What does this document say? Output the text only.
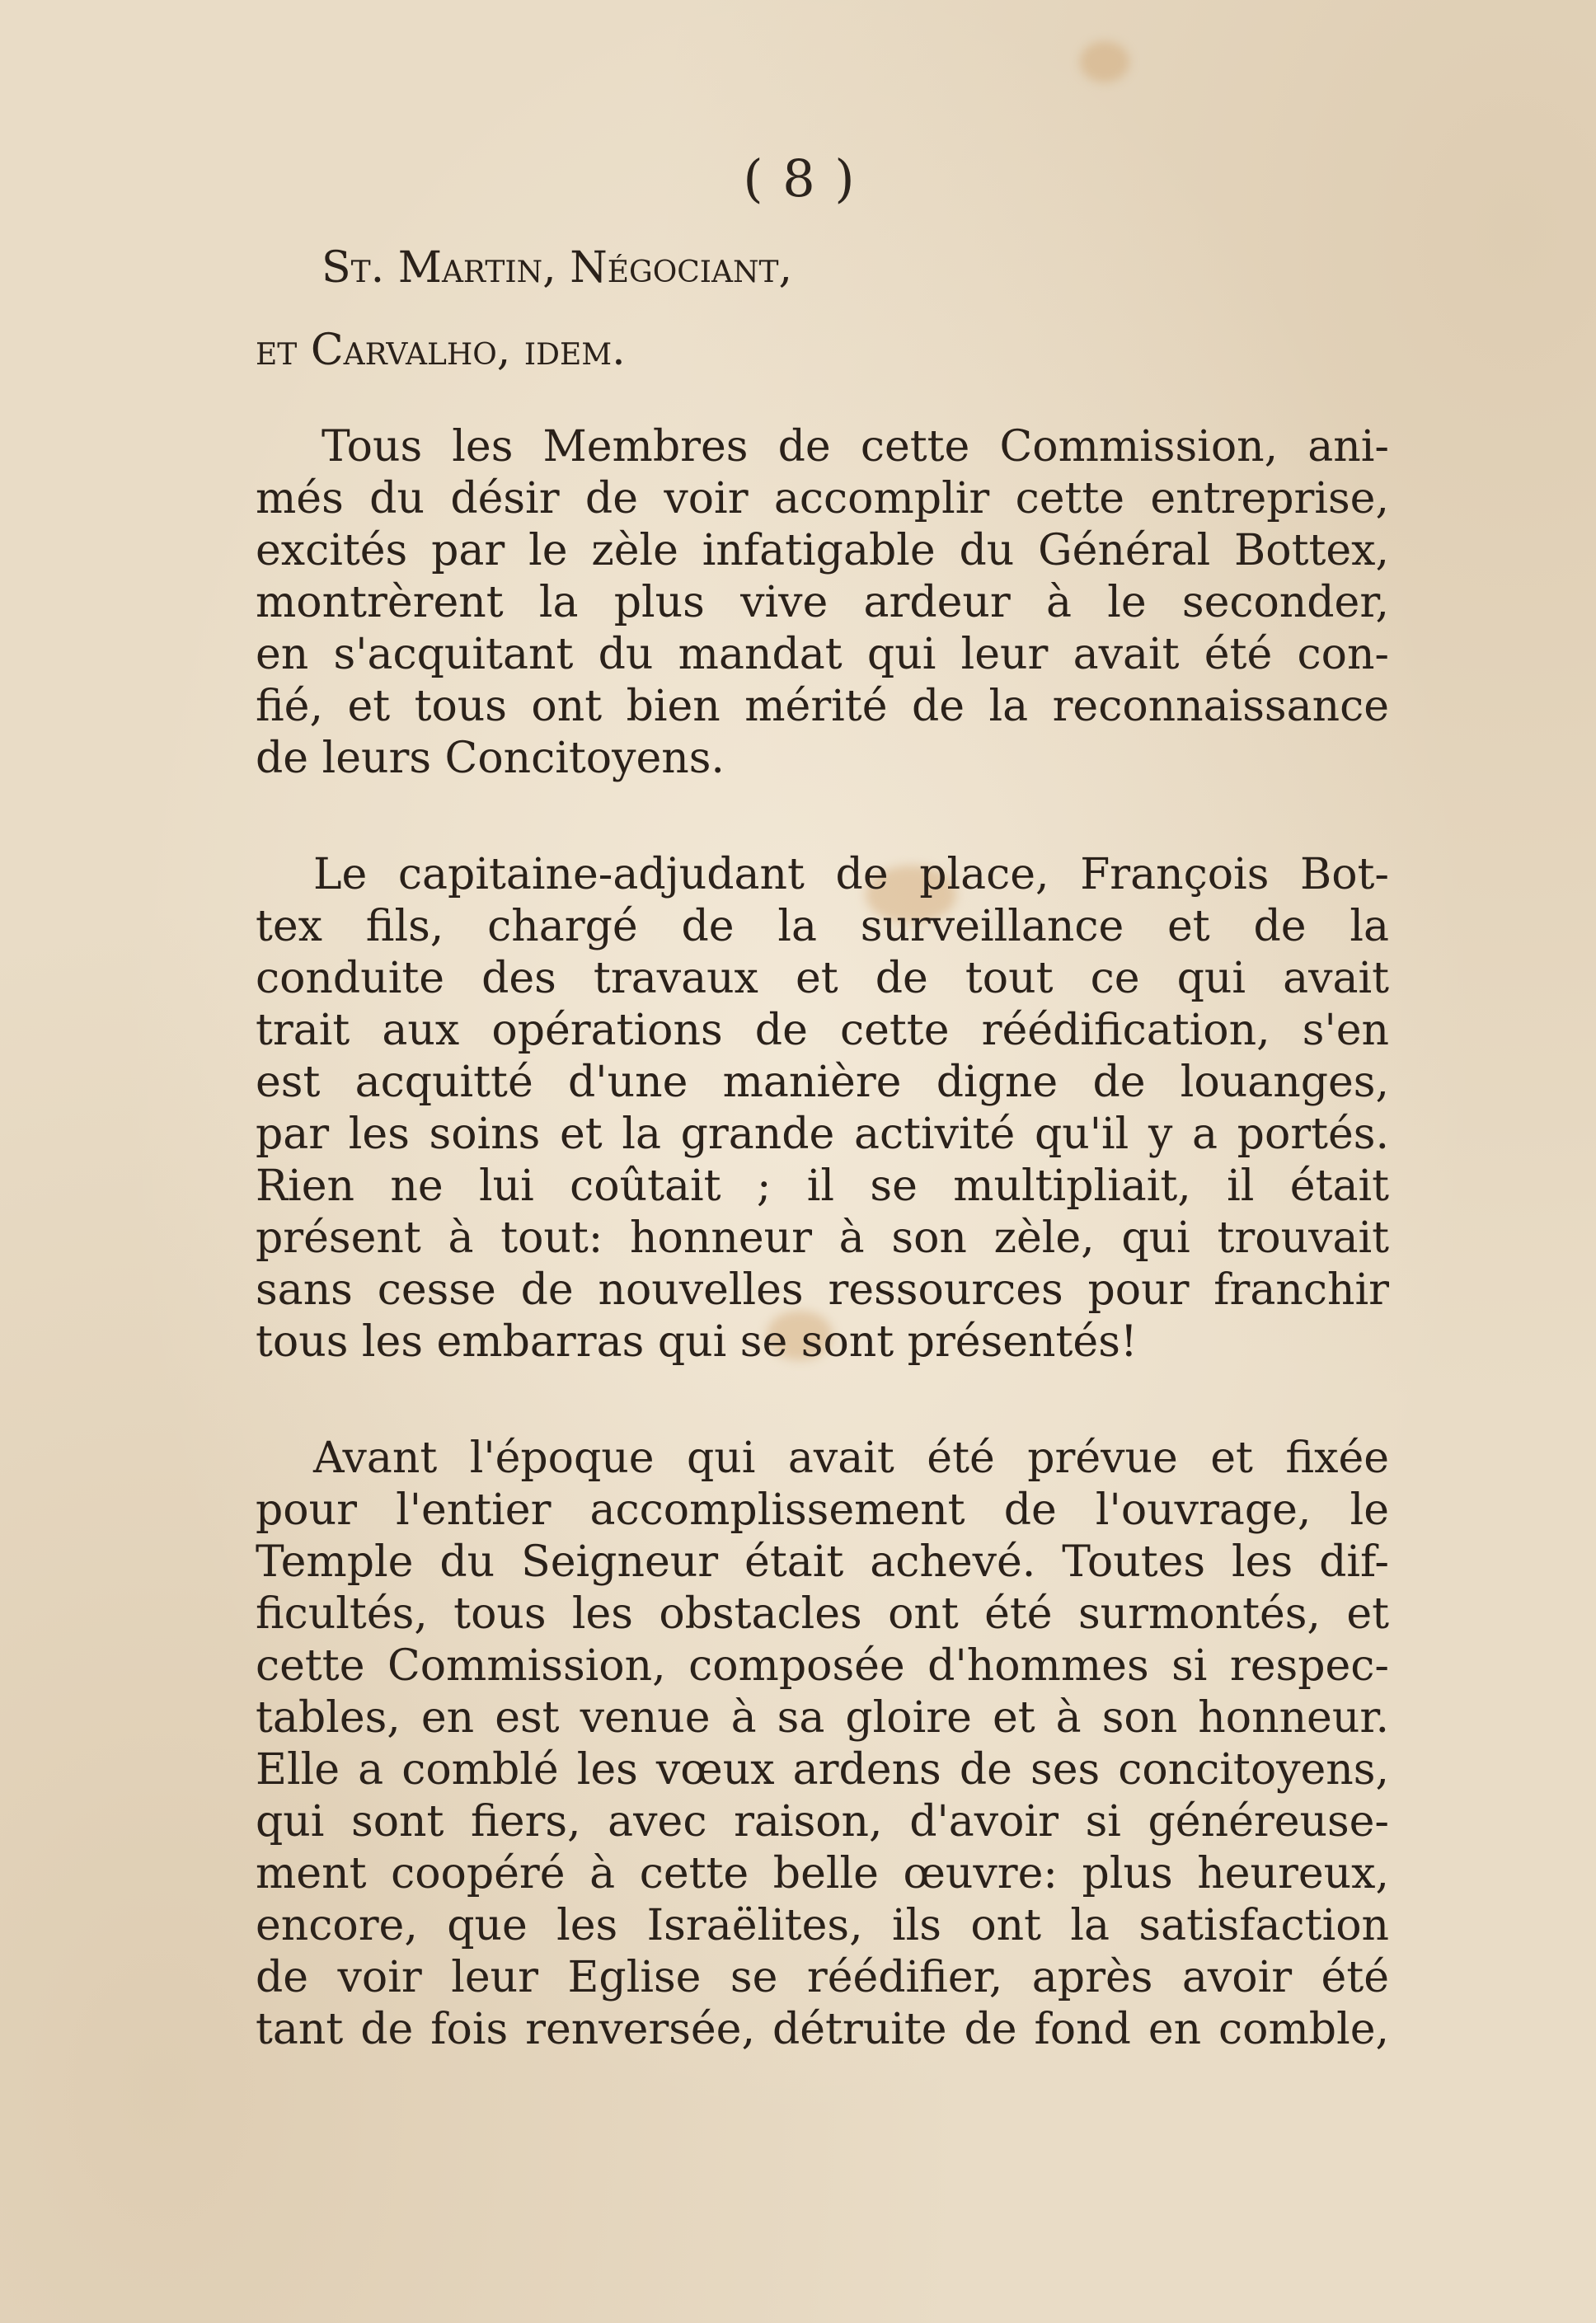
( 8 )
St. Martin, Négociant,
et Carvalho, idem.
Tous les Membres de cette Commission, ani-
més du désir de voir accomplir cette entreprise,
excités par le zèle infatigable du Général Bottex,
montrèrent la plus vive ardeur à le seconder,
en s'acquitant du mandat qui leur avait été con-
fié, et tous ont bien mérité de la reconnaissance
de leurs Concitoyens.
Le capitaine-adjudant de place, François Bot-
tex fils, chargé de la surveillance et de la
conduite des travaux et de tout ce qui avait
trait aux opérations de cette réédification, s'en
est acquitté d'une manière digne de louanges,
par les soins et la grande activité qu'il y a portés.
Rien ne lui coûtait ; il se multipliait, il était
présent à tout: honneur à son zèle, qui trouvait
sans cesse de nouvelles ressources pour franchir
tous les embarras qui se sont présentés!
Avant l'époque qui avait été prévue et fixée
pour l'entier accomplissement de l'ouvrage, le
Temple du Seigneur était achevé. Toutes les dif-
ficultés, tous les obstacles ont été surmontés, et
cette Commission, composée d'hommes si respec-
tables, en est venue à sa gloire et à son honneur.
Elle a comblé les vœux ardens de ses concitoyens,
qui sont fiers, avec raison, d'avoir si généreuse-
ment coopéré à cette belle œuvre: plus heureux,
encore, que les Israëlites, ils ont la satisfaction
de voir leur Eglise se réédifier, après avoir été
tant de fois renversée, détruite de fond en comble,
